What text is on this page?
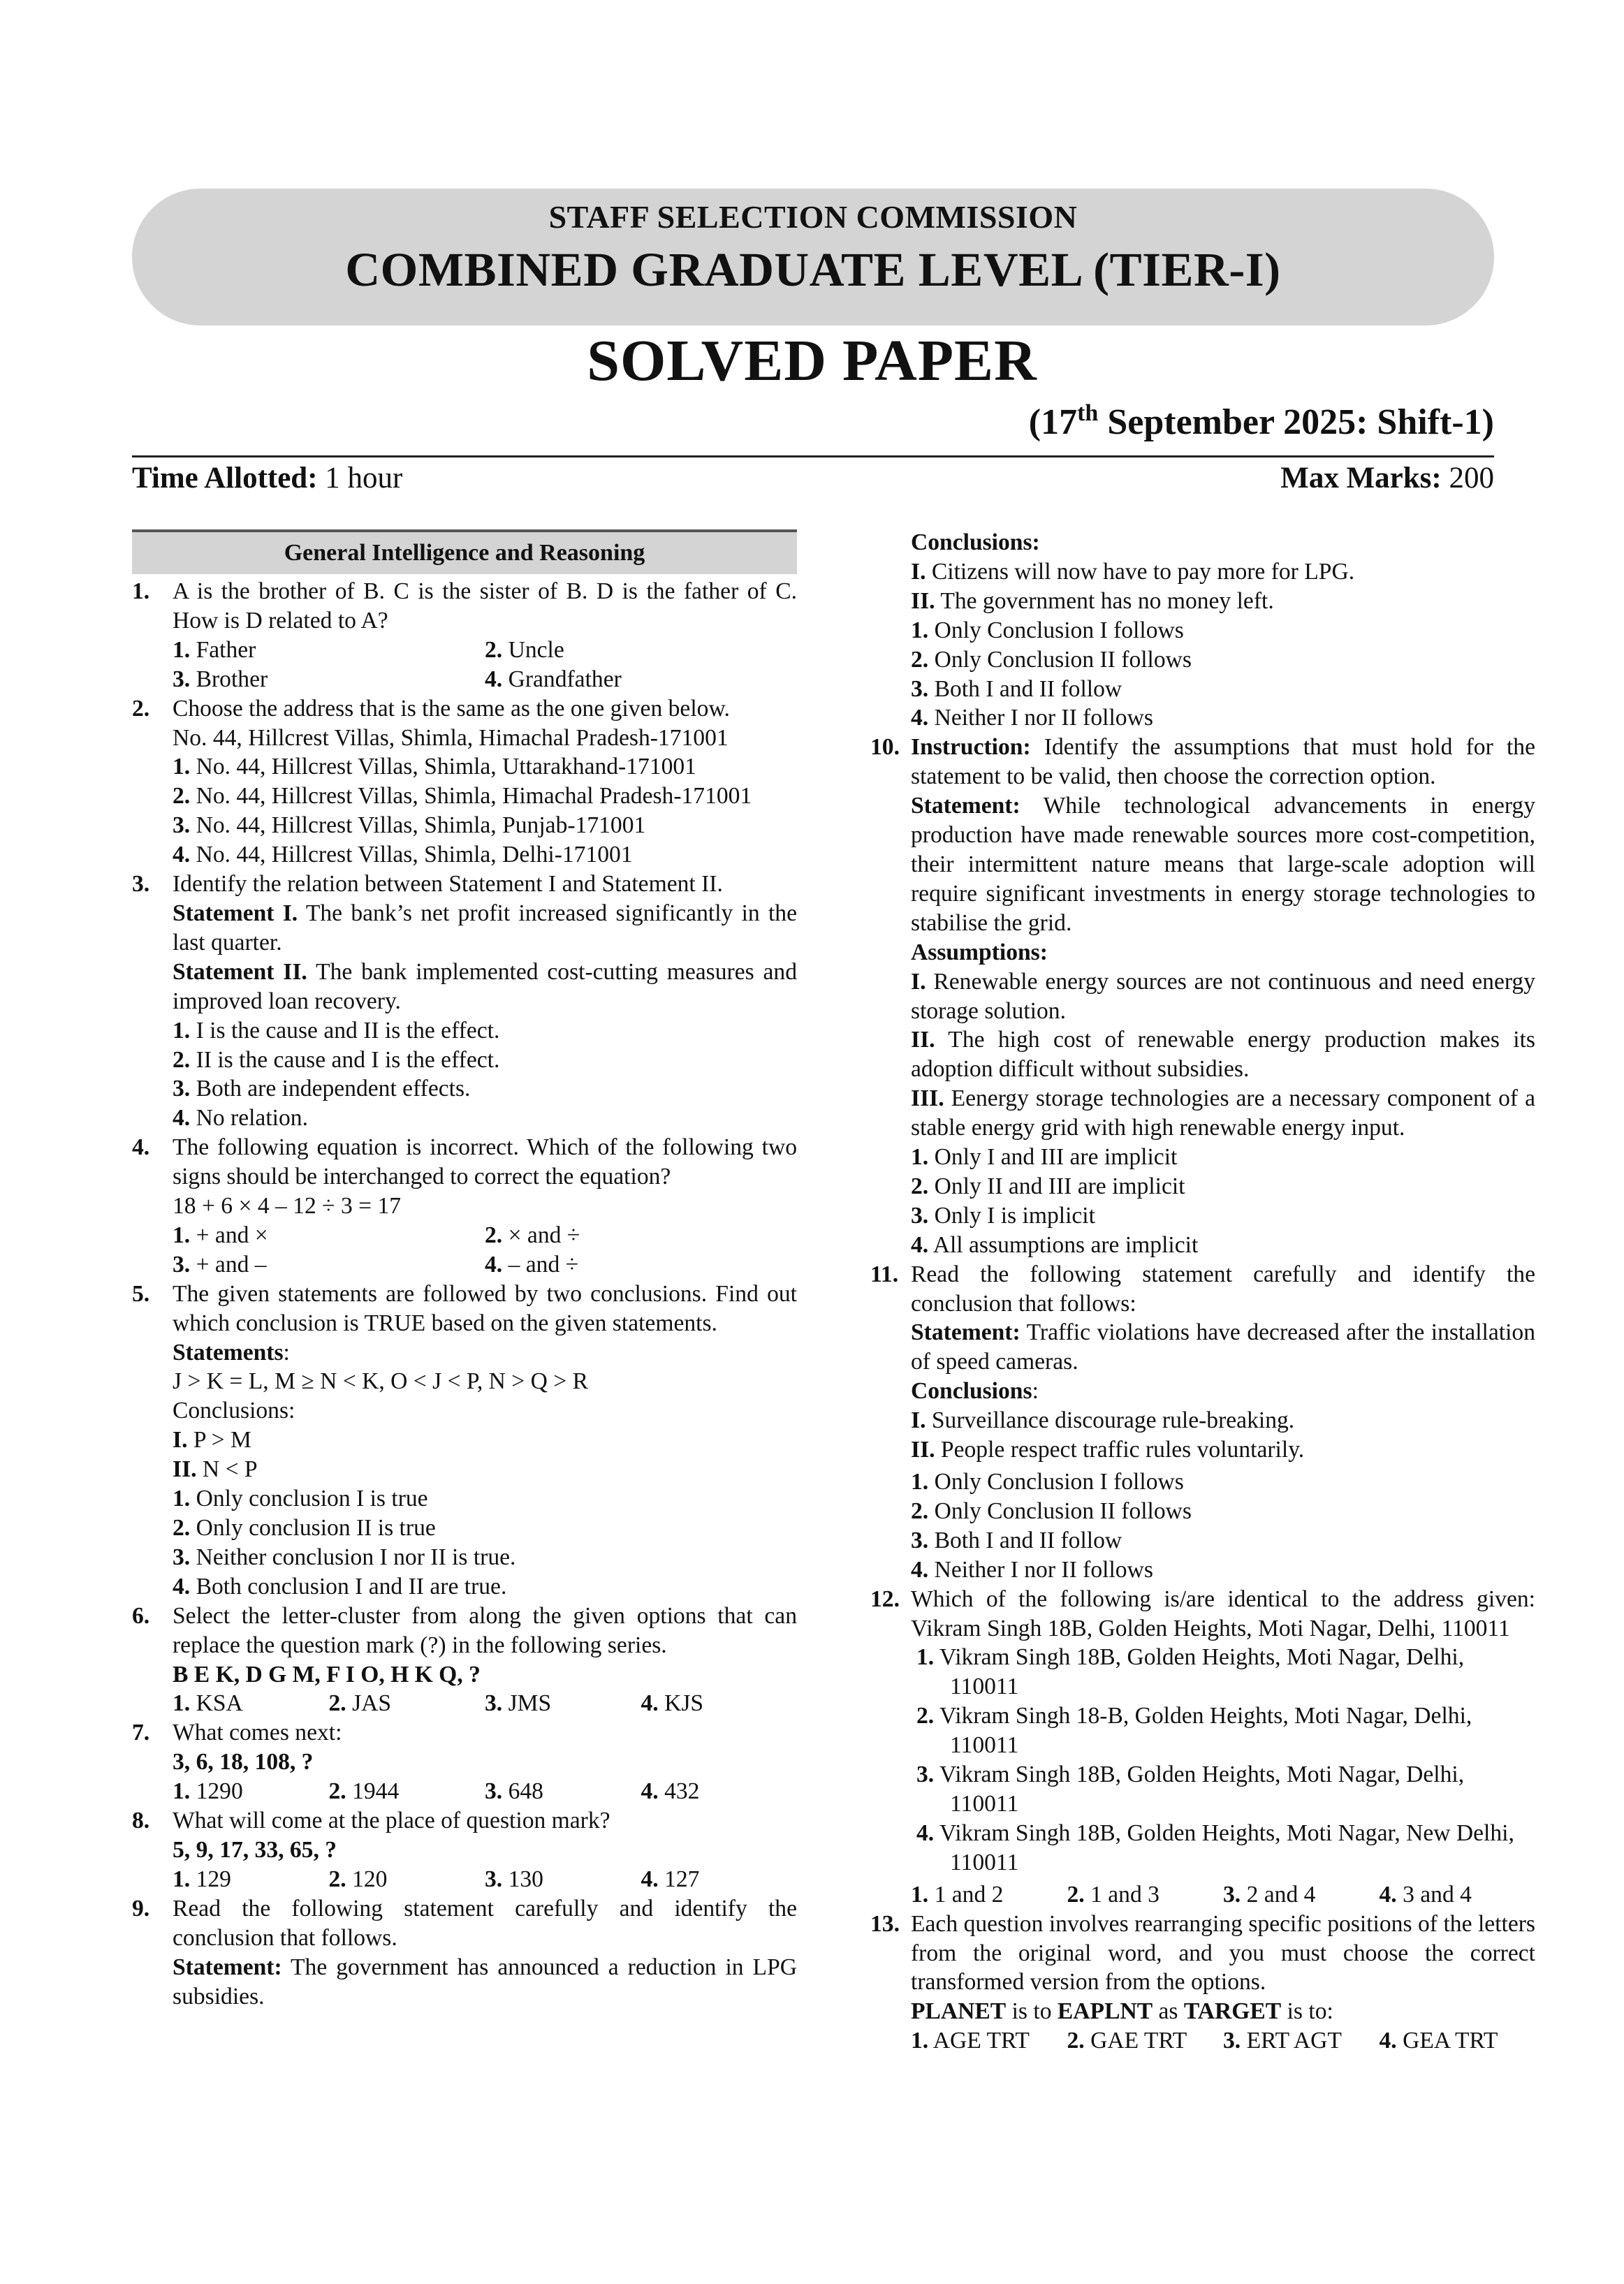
STAFF SELECTION COMMISSION
COMBINED GRADUATE LEVEL (TIER-I)
SOLVED PAPER
(17th September 2025: Shift-1)
Time Allotted: 1 hour	Max Marks: 200
General Intelligence and Reasoning
1. A is the brother of B. C is the sister of B. D is the father of C. How is D related to A?

1. Father	2. Uncle
3. Brother	4. Grandfather
2. Choose the address that is the same as the one given below.

No. 44, Hillcrest Villas, Shimla, Himachal Pradesh-171001
1. No. 44, Hillcrest Villas, Shimla, Uttarakhand-171001
2. No. 44, Hillcrest Villas, Shimla, Himachal Pradesh-171001
3. No. 44, Hillcrest Villas, Shimla, Punjab-171001
4. No. 44, Hillcrest Villas, Shimla, Delhi-171001
3. Identify the relation between Statement I and Statement II.

Statement I. The bank’s net profit increased significantly in the last quarter.

Statement II. The bank implemented cost-cutting measures and improved loan recovery.

1. I is the cause and II is the effect.
2. II is the cause and I is the effect.
3. Both are independent effects.
4. No relation.
4. The following equation is incorrect. Which of the following two signs should be interchanged to correct the equation?

18 + 6 × 4 – 12 ÷ 3 = 17
1. + and ×	2. × and ÷
3. + and –	4. – and ÷
5. The given statements are followed by two conclusions. Find out which conclusion is TRUE based on the given statements.

Statements:
J > K = L, M ≥ N < K, O < J < P, N > Q > R
Conclusions:
I. P > M
II. N < P
1. Only conclusion I is true
2. Only conclusion II is true
3. Neither conclusion I nor II is true.
4. Both conclusion I and II are true.
6. Select the letter-cluster from along the given options that can replace the question mark (?) in the following series.

B E K, D G M, F I O, H K Q, ?
1. KSA	2. JAS	3. JMS	4. KJS
7. What comes next:

3, 6, 18, 108, ?
1. 1290	2. 1944	3. 648	4. 432
8. What will come at the place of question mark?

5, 9, 17, 33, 65, ?
1. 129	2. 120	3. 130	4. 127
9. Read the following statement carefully and identify the conclusion that follows.

Statement: The government has announced a reduction in LPG subsidies.

Conclusions:
I. Citizens will now have to pay more for LPG.
II. The government has no money left.
1. Only Conclusion I follows
2. Only Conclusion II follows
3. Both I and II follow
4. Neither I nor II follows
10. Instruction: Identify the assumptions that must hold for the statement to be valid, then choose the correction option.

Statement: While technological advancements in energy production have made renewable sources more cost-competition, their intermittent nature means that large-scale adoption will require significant investments in energy storage technologies to stabilise the grid.

Assumptions:

I. Renewable energy sources are not continuous and need energy storage solution.

II. The high cost of renewable energy production makes its adoption difficult without subsidies.

III. Eenergy storage technologies are a necessary component of a stable energy grid with high renewable energy input.

1. Only I and III are implicit
2. Only II and III are implicit
3. Only I is implicit
4. All assumptions are implicit
11. Read the following statement carefully and identify the conclusion that follows:

Statement: Traffic violations have decreased after the installation of speed cameras.

Conclusions:
I. Surveillance discourage rule-breaking.
II. People respect traffic rules voluntarily.
1. Only Conclusion I follows
2. Only Conclusion II follows
3. Both I and II follow
4. Neither I nor II follows
12. Which of the following is/are identical to the address given: Vikram Singh 18B, Golden Heights, Moti Nagar, Delhi, 110011

1. Vikram Singh 18B, Golden Heights, Moti Nagar, Delhi, 110011
2. Vikram Singh 18-B, Golden Heights, Moti Nagar, Delhi, 110011
3. Vikram Singh 18B, Golden Heights, Moti Nagar, Delhi, 110011
4. Vikram Singh 18B, Golden Heights, Moti Nagar, New Delhi, 110011
1. 1 and 2	2. 1 and 3	3. 2 and 4	4. 3 and 4
13. Each question involves rearranging specific positions of the letters from the original word, and you must choose the correct transformed version from the options.

PLANET is to EAPLNT as TARGET is to:
1. AGE TRT	2. GAE TRT	3. ERT AGT	4. GEA TRT
